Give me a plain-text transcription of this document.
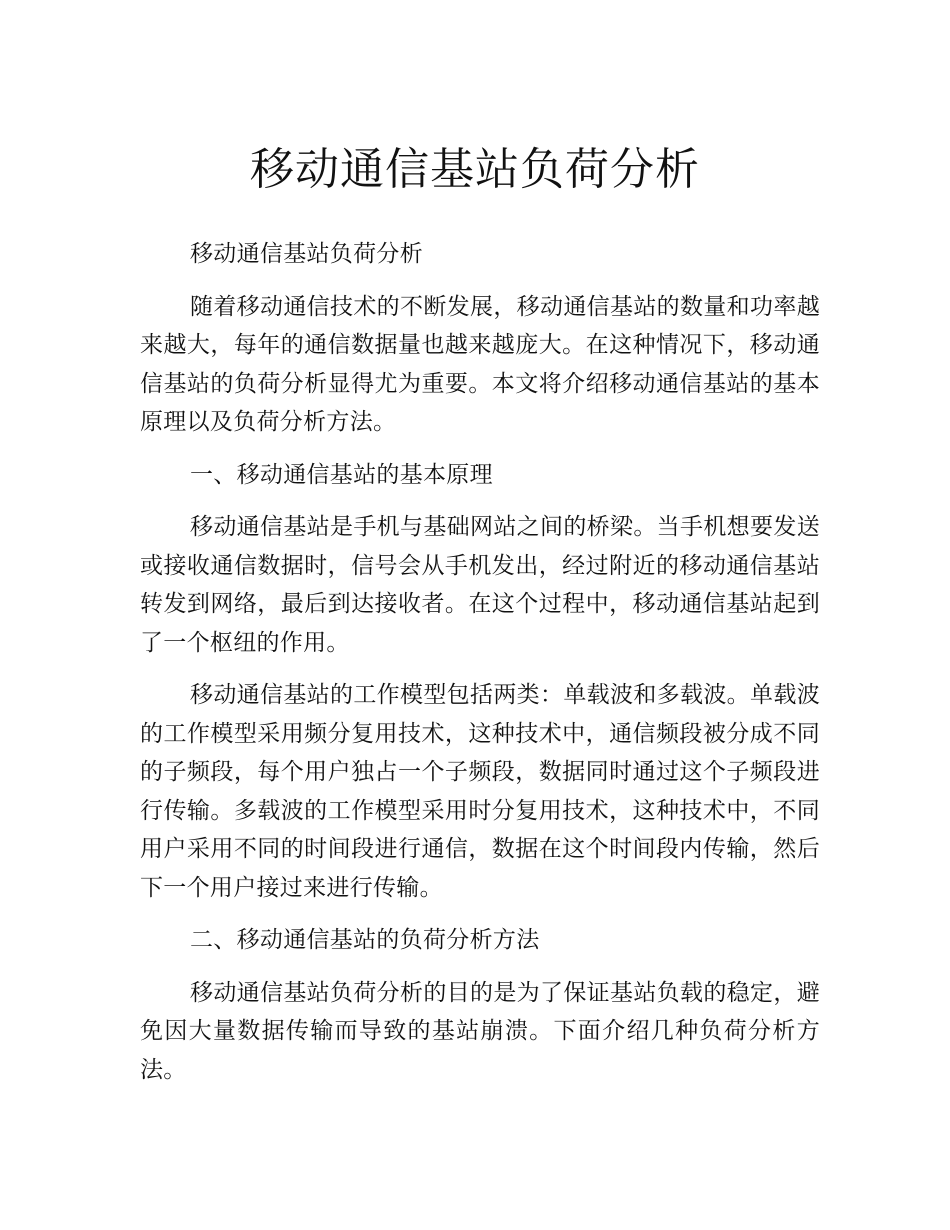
移动通信基站负荷分析

移动通信基站负荷分析

随着移动通信技术的不断发展，移动通信基站的数量和功率越来越大，每年的通信数据量也越来越庞大。在这种情况下，移动通信基站的负荷分析显得尤为重要。本文将介绍移动通信基站的基本原理以及负荷分析方法。

一、移动通信基站的基本原理

移动通信基站是手机与基础网站之间的桥梁。当手机想要发送或接收通信数据时，信号会从手机发出，经过附近的移动通信基站转发到网络，最后到达接收者。在这个过程中，移动通信基站起到了一个枢纽的作用。

移动通信基站的工作模型包括两类：单载波和多载波。单载波的工作模型采用频分复用技术，这种技术中，通信频段被分成不同的子频段，每个用户独占一个子频段，数据同时通过这个子频段进行传输。多载波的工作模型采用时分复用技术，这种技术中，不同用户采用不同的时间段进行通信，数据在这个时间段内传输，然后下一个用户接过来进行传输。

二、移动通信基站的负荷分析方法

移动通信基站负荷分析的目的是为了保证基站负载的稳定，避免因大量数据传输而导致的基站崩溃。下面介绍几种负荷分析方法。
